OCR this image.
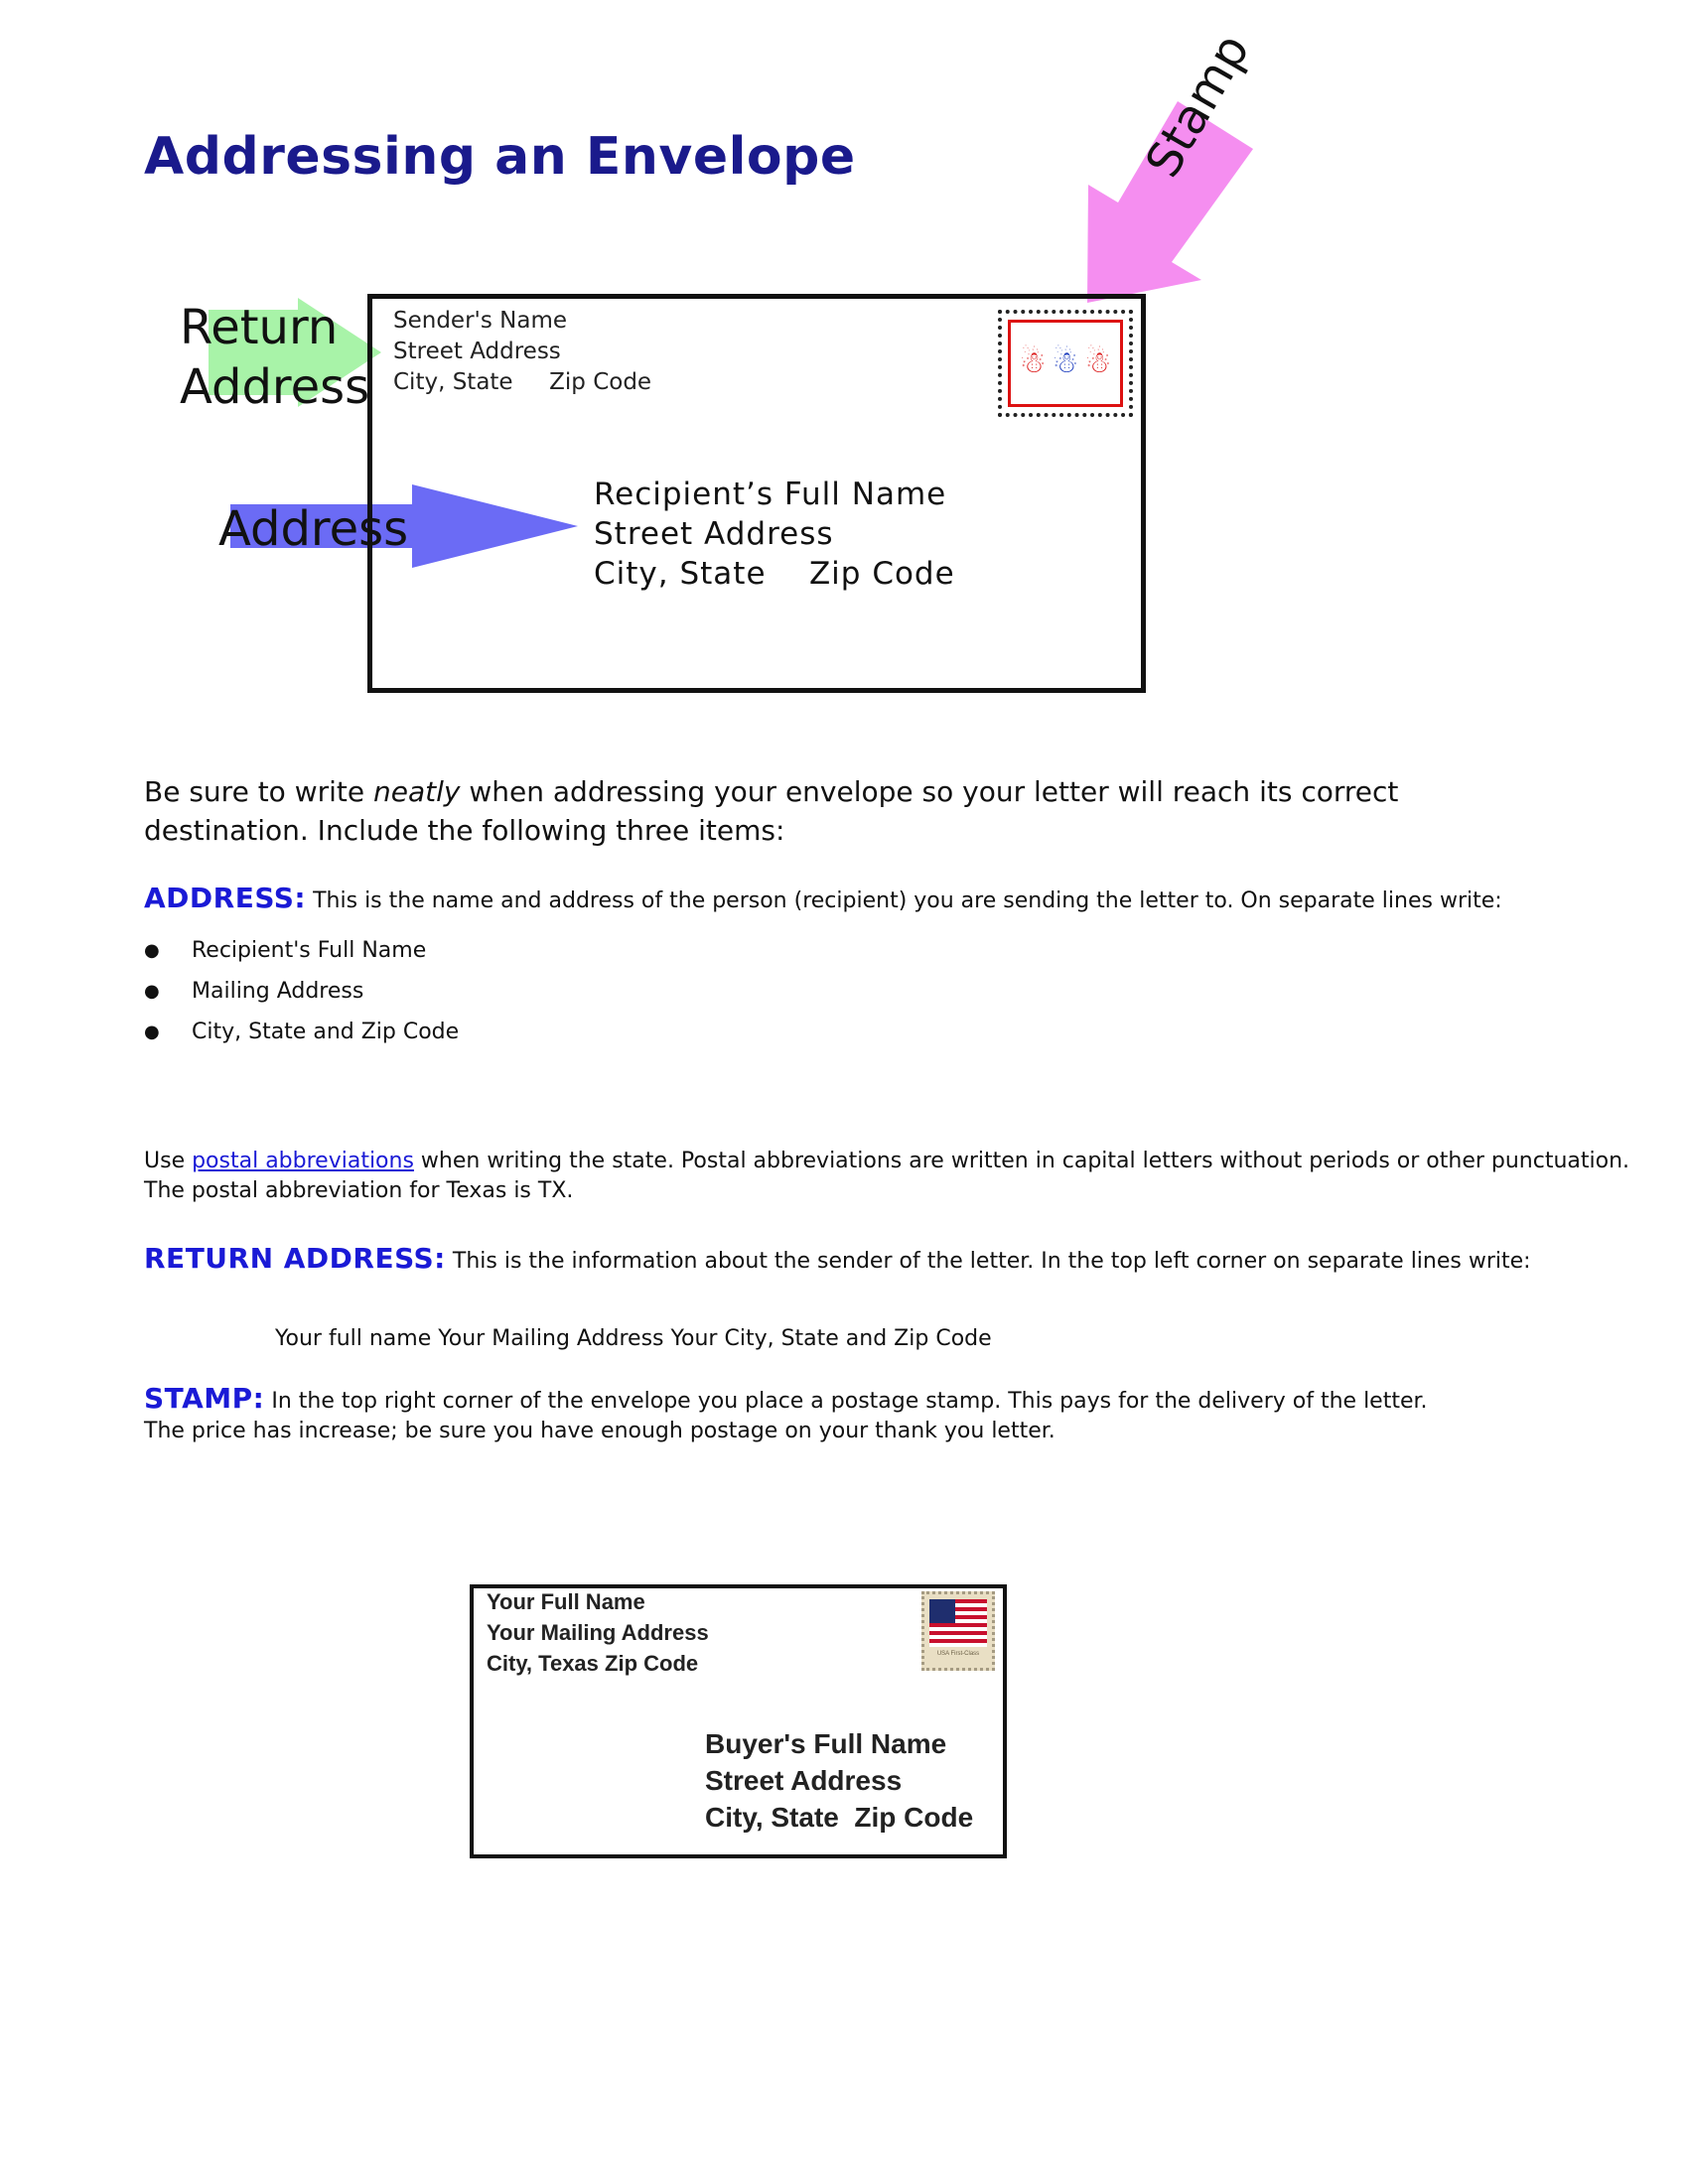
Addressing an Envelope
Return
Address
Address
Stamp
Sender's Name
Street Address
City, State     Zip Code
Recipient’s Full Name
Street Address
City, State    Zip Code
☃ ☃ ☃
Be sure to write neatly when addressing your envelope so your letter will reach its correct destination. Include the following three items:
ADDRESS: This is the name and address of the person (recipient) you are sending the letter to. On separate lines write:
● Recipient's Full Name
● Mailing Address
● City, State and Zip Code
Use postal abbreviations when writing the state. Postal abbreviations are written in capital letters without periods or other punctuation.
The postal abbreviation for Texas is TX.
RETURN ADDRESS: This is the information about the sender of the letter. In the top left corner on separate lines write:
Your full name Your Mailing Address Your City, State and Zip Code
STAMP: In the top right corner of the envelope you place a postage stamp. This pays for the delivery of the letter.
The price has increase; be sure you have enough postage on your thank you letter.
Your Full Name
Your Mailing Address
City, Texas Zip Code
Buyer's Full Name
Street Address
City, State  Zip Code
USA First-Class
